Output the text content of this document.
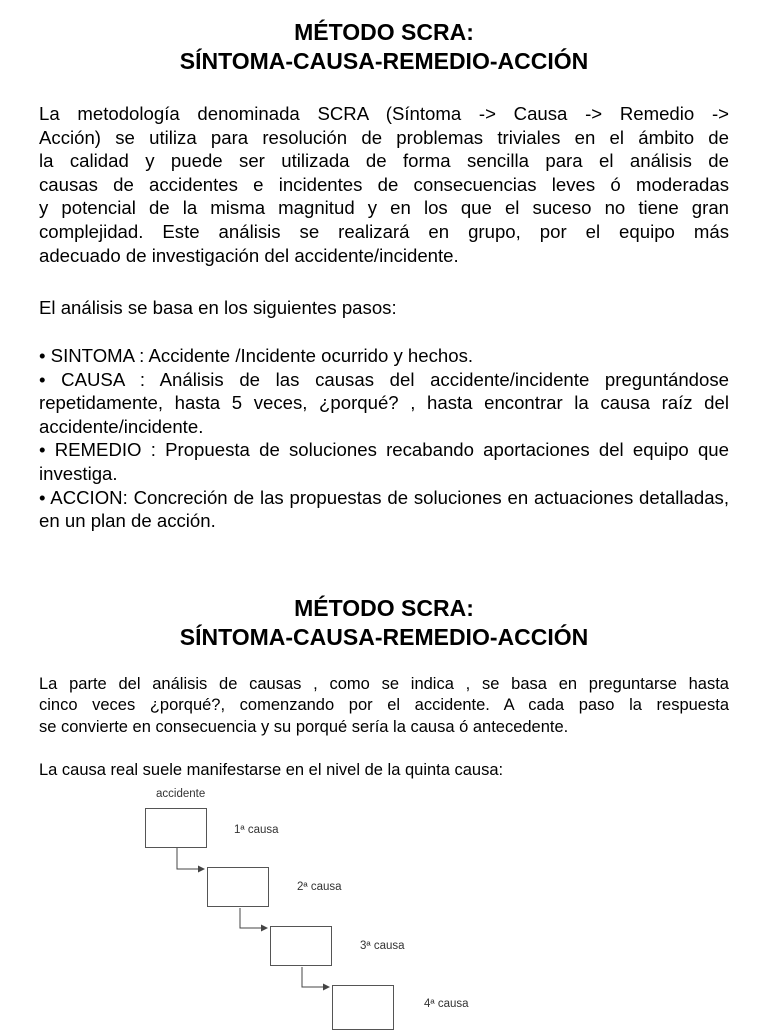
MÉTODO SCRA:
SÍNTOMA-CAUSA-REMEDIO-ACCIÓN
La metodología denominada SCRA (Síntoma -> Causa -> Remedio ->
Acción) se utiliza para resolución de problemas triviales en el ámbito de
la calidad y puede ser utilizada de forma sencilla para el análisis de
causas de accidentes e incidentes de consecuencias leves ó moderadas
y potencial de la misma magnitud y en los que el suceso no tiene gran
complejidad. Este análisis se realizará en grupo, por el equipo más
adecuado de investigación del accidente/incidente.
El análisis se basa en los siguientes pasos:
• SINTOMA : Accidente /Incidente ocurrido y hechos.
• CAUSA : Análisis de las causas del accidente/incidente preguntándose repetidamente, hasta 5 veces, ¿porqué? , hasta encontrar la causa raíz del accidente/incidente.
• REMEDIO : Propuesta de soluciones recabando aportaciones del equipo que investiga.
• ACCION: Concreción de las propuestas de soluciones en actuaciones detalladas, en un plan de acción.
MÉTODO SCRA:
SÍNTOMA-CAUSA-REMEDIO-ACCIÓN
La parte del análisis de causas , como se indica , se basa en preguntarse hasta
cinco veces ¿porqué?, comenzando por el accidente. A cada paso la respuesta
se convierte en consecuencia y su porqué sería la causa ó antecedente.
La causa real suele manifestarse en el nivel de la quinta causa:
accidente
1ª causa
2ª causa
3ª causa
4ª causa
